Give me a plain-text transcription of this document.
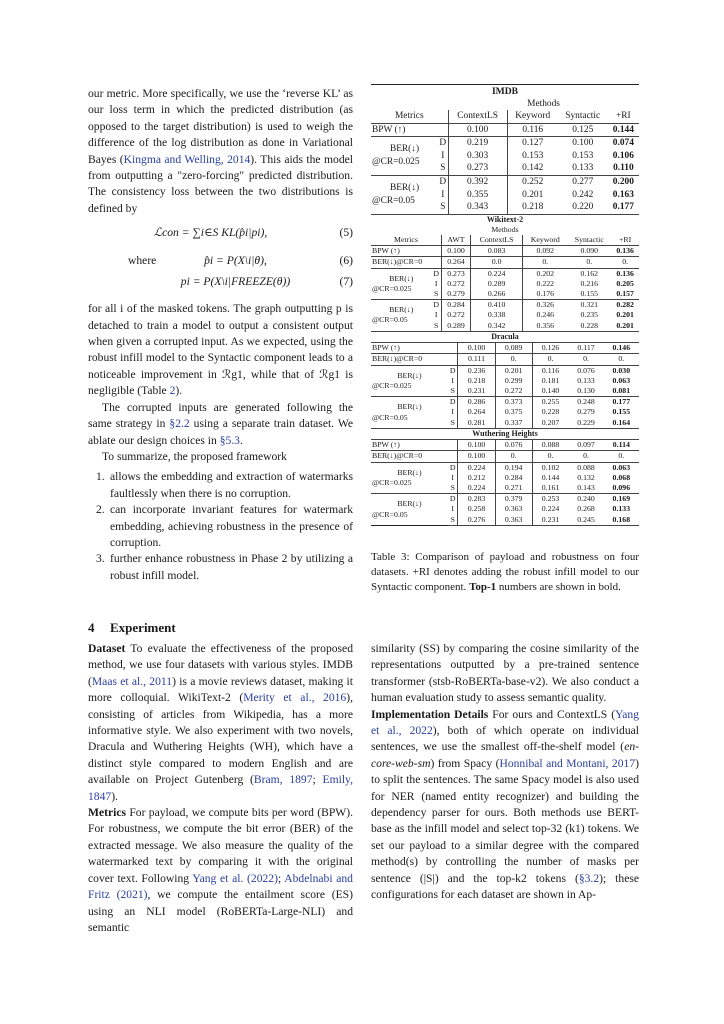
our metric. More specifically, we use the ‘reverse KL’ as our loss term in which the predicted distribution (as opposed to the target distribution) is used to weigh the difference of the log distribution as done in Variational Bayes (Kingma and Welling, 2014). This aids the model from outputting a "zero-forcing" predicted distribution. The consistency loss between the two distributions is defined by

ℒcon = ∑i∈S KL(p̂i|pi),	(5)
where	p̂i = P(X\i|θ),	(6)
pi = P(X\i|FREEZE(θ))	(7)

for all i of the masked tokens. The graph outputting p is detached to train a model to output a consistent output when given a corrupted input. As we expected, using the robust infill model to the Syntactic component leads to a noticeable improvement in ℛg1, while that of ℛg1 is negligible (Table 2).

The corrupted inputs are generated following the same strategy in §2.2 using a separate train dataset. We ablate our design choices in §5.3.

To summarize, the proposed framework

1. allows the embedding and extraction of watermarks faultlessly when there is no corruption.
2. can incorporate invariant features for watermark embedding, achieving robustness in the presence of corruption.
3. further enhance robustness in Phase 2 by utilizing a robust infill model.
4 Experiment

Dataset To evaluate the effectiveness of the proposed method, we use four datasets with various styles. IMDB (Maas et al., 2011) is a movie reviews dataset, making it more colloquial. WikiText-2 (Merity et al., 2016), consisting of articles from Wikipedia, has a more informative style. We also experiment with two novels, Dracula and Wuthering Heights (WH), which have a distinct style compared to modern English and are available on Project Gutenberg (Bram, 1897; Emily, 1847).

Metrics For payload, we compute bits per word (BPW). For robustness, we compute the bit error (BER) of the extracted message. We also measure the quality of the watermarked text by comparing it with the original cover text. Following Yang et al. (2022); Abdelnabi and Fritz (2021), we compute the entailment score (ES) using an NLI model (RoBERTa-Large-NLI) and semantic

similarity (SS) by comparing the cosine similarity of the representations outputted by a pre-trained sentence transformer (stsb-RoBERTa-base-v2). We also conduct a human evaluation study to assess semantic quality.

Implementation Details For ours and ContextLS (Yang et al., 2022), both of which operate on individual sentences, we use the smallest off-the-shelf model (en-core-web-sm) from Spacy (Honnibal and Montani, 2017) to split the sentences. The same Spacy model is also used for NER (named entity recognizer) and building the dependency parser for ours. Both methods use BERT-base as the infill model and select top-32 (k1) tokens. We set our payload to a similar degree with the compared method(s) by controlling the number of masks per sentence (|S|) and the top-k2 tokens (§3.2); these configurations for each dataset are shown in Ap-

IMDB
		Methods			
Metrics		ContextLS	Keyword	Syntactic	+RI
BPW (↑)		0.100	0.116	0.125	0.144

BER(↓)
@CR=0.025	D	0.219	0.127	0.100	0.074
	I	0.303	0.153	0.153	0.106
	S	0.273	0.142	0.133	0.110

BER(↓)
@CR=0.05	D	0.392	0.252	0.277	0.200
	I	0.355	0.201	0.242	0.163
	S	0.343	0.218	0.220	0.177
Wikitext-2
Methods
Metrics		AWT	ContextLS	Keyword	Syntactic	+RI
BPW (↑)		0.100	0.083	0.092	0.090	0.136
BER(↓)@CR=0		0.264	0.0	0.	0.	0.

BER(↓)
@CR=0.025	D	0.273	0.224	0.202	0.162	0.136
	I	0.272	0.289	0.222	0.216	0.205
	S	0.279	0.266	0.176	0.155	0.157

BER(↓)
@CR=0.05	D	0.284	0.410	0.326	0.321	0.282
	I	0.272	0.338	0.246	0.235	0.201
	S	0.289	0.342	0.356	0.228	0.201
Dracula
BPW (↑)		0.100	0.089	0.126	0.117	0.146
BER(↓)@CR=0		0.111	0.	0.	0.	0.

BER(↓)
@CR=0.025	D	0.236	0.201	0.116	0.076	0.030
	I	0.218	0.299	0.181	0.133	0.063
	S	0.231	0.272	0.140	0.130	0.081

BER(↓)
@CR=0.05	D	0.286	0.373	0.255	0.248	0.177
	I	0.264	0.375	0.228	0.279	0.155
	S	0.281	0.337	0.207	0.229	0.164
Wuthering Heights
BPW (↑)		0.100	0.076	0.088	0.097	0.114
BER(↓)@CR=0		0.100	0.	0.	0.	0.

BER(↓)
@CR=0.025	D	0.224	0.194	0.102	0.088	0.063
	I	0.212	0.284	0.144	0.132	0.068
	S	0.224	0.271	0.161	0.143	0.096

BER(↓)
@CR=0.05	D	0.283	0.379	0.253	0.240	0.169
	I	0.258	0.363	0.224	0.268	0.133
	S	0.276	0.363	0.231	0.245	0.168
Table 3: Comparison of payload and robustness on four datasets. +RI denotes adding the robust infill model to our Syntactic component. Top-1 numbers are shown in bold.
